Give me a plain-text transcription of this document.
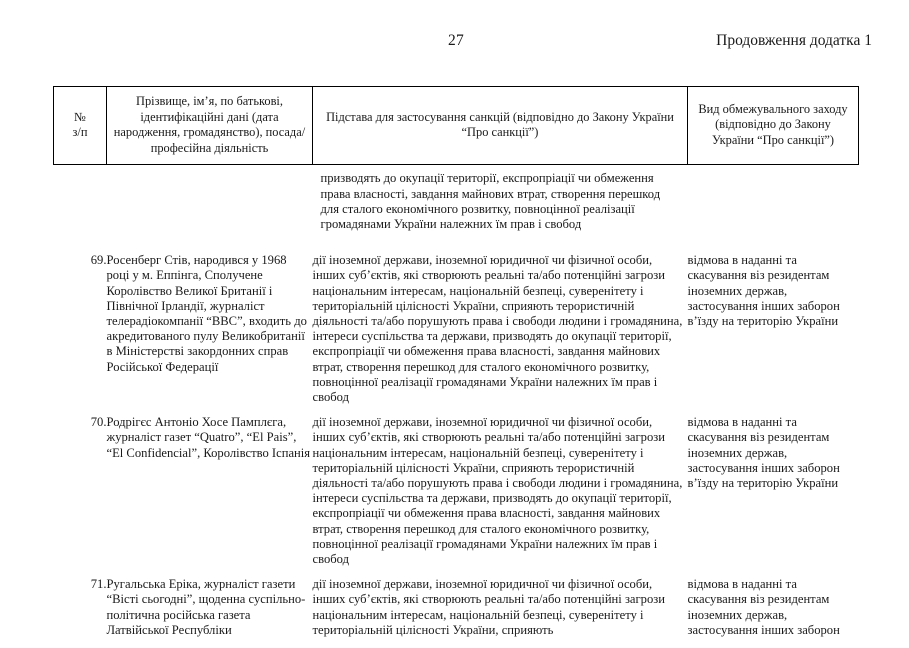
27	Продовження додатка 1
№
з/п	Прізвище, імʼя, по батькові, ідентифікаційні дані (дата народження, громадянство), посада/професійна діяльність	Підстава для застосування санкцій (відповідно до Закону України “Про санкції”)	Вид обмежувального заходу (відповідно до Закону України “Про санкції”)
		призводять до окупації території, експропріації чи обмеження права власності, завдання майнових втрат, створення перешкод для сталого економічного розвитку, повноцінної реалізації громадянами України належних їм прав і свобод	

69.	Росенберг Стів, народився у 1968 році у м. Еппінга, Сполучене Королівство Великої Британії і Північної Ірландії, журналіст телерадіокомпанії “BBC”, входить до акредитованого пулу Великобританії в Міністерстві закордонних справ Російської Федерації	дії іноземної держави, іноземної юридичної чи фізичної особи, інших субʼєктів, які створюють реальні та/або потенційні загрози національним інтересам, національній безпеці, суверенітету і територіальній цілісності України, сприяють терористичній діяльності та/або порушують права і свободи людини і громадянина, інтереси суспільства та держави, призводять до окупації території, експропріації чи обмеження права власності, завдання майнових втрат, створення перешкод для сталого економічного розвитку, повноцінної реалізації громадянами України належних їм прав і свобод	відмова в наданні та скасування віз резидентам іноземних держав, застосування інших заборон вʼїзду на територію України

70.	Родрігєс Антоніо Хосе Памплєга, журналіст газет “Quatro”, “El Pais”, “El Confidencial”, Королівство Іспанія	дії іноземної держави, іноземної юридичної чи фізичної особи, інших субʼєктів, які створюють реальні та/або потенційні загрози національним інтересам, національній безпеці, суверенітету і територіальній цілісності України, сприяють терористичній діяльності та/або порушують права і свободи людини і громадянина, інтереси суспільства та держави, призводять до окупації території, експропріації чи обмеження права власності, завдання майнових втрат, створення перешкод для сталого економічного розвитку, повноцінної реалізації громадянами України належних їм прав і свобод	відмова в наданні та скасування віз резидентам іноземних держав, застосування інших заборон вʼїзду на територію України

71.	Ругальська Еріка, журналіст газети “Вісті сьогодні”, щоденна суспільно-політична російська газета Латвійської Республіки	дії іноземної держави, іноземної юридичної чи фізичної особи, інших субʼєктів, які створюють реальні та/або потенційні загрози національним інтересам, національній безпеці, суверенітету і територіальній цілісності України, сприяють	відмова в наданні та скасування віз резидентам іноземних держав, застосування інших заборон
